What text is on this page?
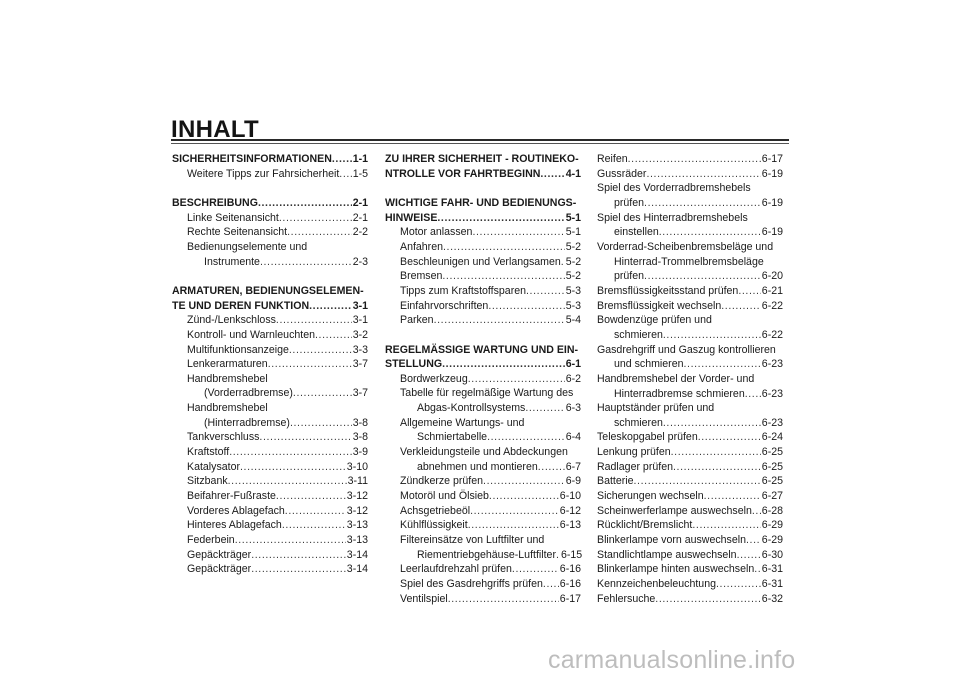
INHALT
SICHERHEITSINFORMATIONEN ..... 1-1
Weitere Tipps zur Fahrsicherheit ..... 1-5
BESCHREIBUNG .....	2-1
Linke Seitenansicht .....	2-1
Rechte Seitenansicht .....	2-2
Bedienungselemente und
Instrumente .....	2-3
ARMATUREN, BEDIENUNGSELEMEN-
TE UND DEREN FUNKTION .....	3-1
Zünd-/Lenkschloss .....	3-1
Kontroll- und Warnleuchten .....	3-2
Multifunktionsanzeige .....	3-3
Lenkerarmaturen .....	3-7
Handbremshebel
(Vorderradbremse) .....	3-7
Handbremshebel
(Hinterradbremse) .....	3-8
Tankverschluss .....	3-8
Kraftstoff .....	3-9
Katalysator .....	3-10
Sitzbank .....	3-11
Beifahrer-Fußraste .....	3-12
Vorderes Ablagefach .....	3-12
Hinteres Ablagefach .....	3-13
Federbein .....	3-13
Gepäckträger .....	3-14
Gepäckträger .....	3-14
ZU IHRER SICHERHEIT - ROUTINEKO-
NTROLLE VOR FAHRTBEGINN ..... 4-1
WICHTIGE FAHR- UND BEDIENUNGS-
HINWEISE .....	5-1
Motor anlassen .....	5-1
Anfahren .....	5-2
Beschleunigen und Verlangsamen ..... 5-2
Bremsen .....	5-2
Tipps zum Kraftstoffsparen .....	5-3
Einfahrvorschriften .....	5-3
Parken .....	5-4
REGELMÄSSIGE WARTUNG UND EIN-
STELLUNG .....	6-1
Bordwerkzeug .....	6-2
Tabelle für regelmäßige Wartung des
Abgas-Kontrollsystems .....	6-3
Allgemeine Wartungs- und
Schmiertabelle .....	6-4
Verkleidungsteile und Abdeckungen
abnehmen und montieren .....	6-7
Zündkerze prüfen .....	6-9
Motoröl und Ölsieb .....	6-10
Achsgetriebeöl .....	6-12
Kühlflüssigkeit .....	6-13
Filtereinsätze von Luftfilter und
Riementriebgehäuse-Luftfilter ..... 6-15
Leerlaufdrehzahl prüfen .....	6-16
Spiel des Gasdrehgriffs prüfen ..... 6-16
Ventilspiel .....	6-17
Reifen .....	6-17
Gussräder .....	6-19
Spiel des Vorderradbremshebels
prüfen .....	6-19
Spiel des Hinterradbremshebels
einstellen .....	6-19
Vorderrad-Scheibenbremsbeläge und
Hinterrad-Trommelbremsbeläge
prüfen .....	6-20
Bremsflüssigkeitsstand prüfen ..... 6-21
Bremsflüssigkeit wechseln .....	6-22
Bowdenzüge prüfen und
schmieren .....	6-22
Gasdrehgriff und Gaszug kontrollieren
und schmieren .....	6-23
Handbremshebel der Vorder- und
Hinterradbremse schmieren ..... 6-23
Hauptständer prüfen und
schmieren .....	6-23
Teleskopgabel prüfen .....	6-24
Lenkung prüfen .....	6-25
Radlager prüfen .....	6-25
Batterie .....	6-25
Sicherungen wechseln .....	6-27
Scheinwerferlampe auswechseln ..... 6-28
Rücklicht/Bremslicht .....	6-29
Blinkerlampe vorn auswechseln ..... 6-29
Standlichtlampe auswechseln ..... 6-30
Blinkerlampe hinten auswechseln ..... 6-31
Kennzeichenbeleuchtung .....	6-31
Fehlersuche .....	6-32
carmanualsonline.info
